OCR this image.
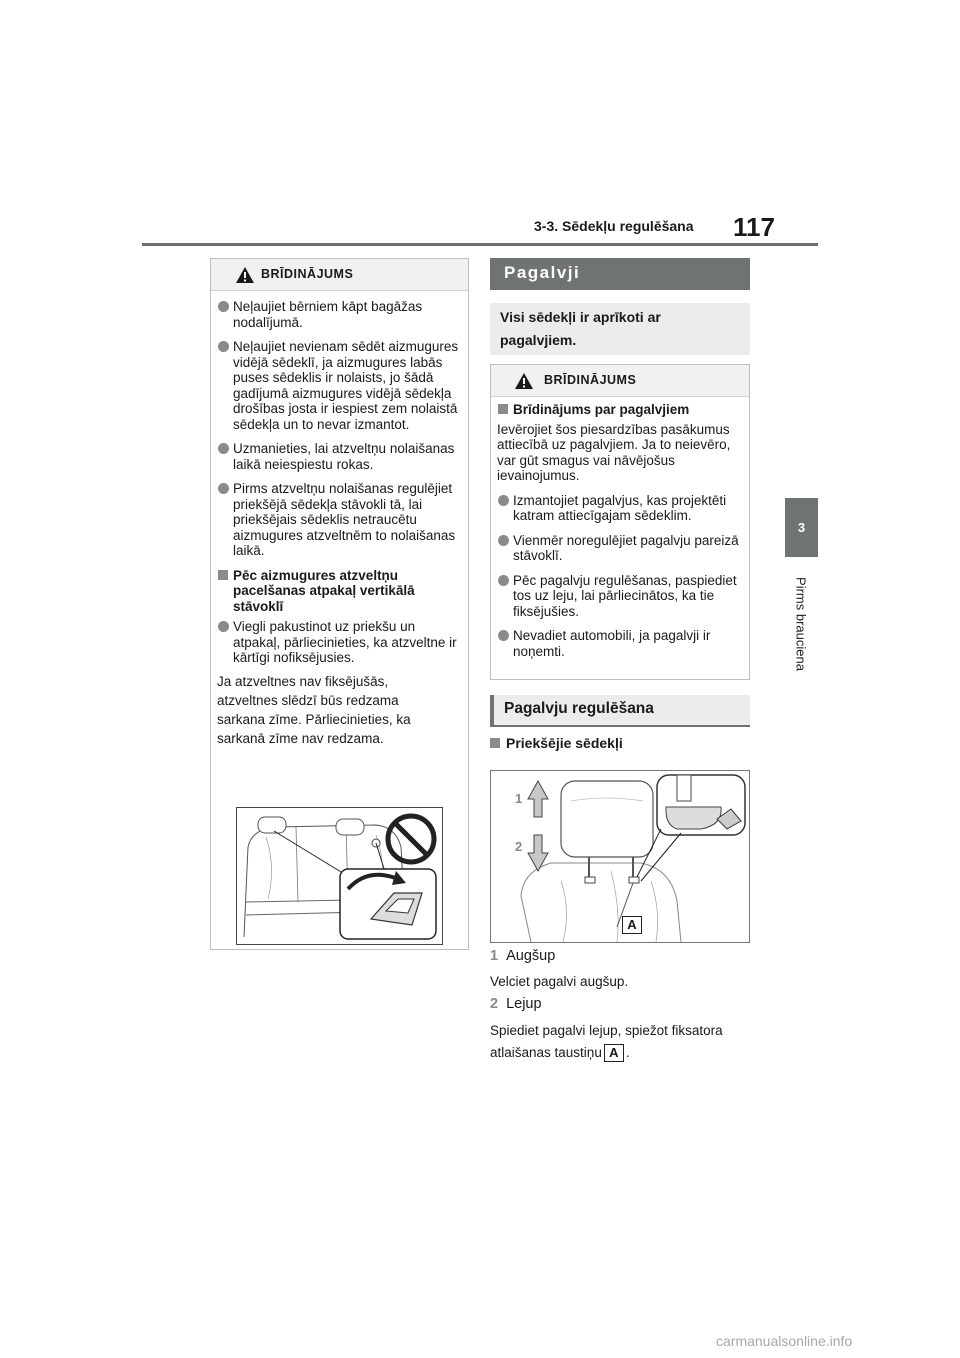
3-3. Sēdekļu regulēšana 117
3
Pirms brauciena
BRĪDINĀJUMS
Neļaujiet bērniem kāpt bagāžas nodalījumā.
Neļaujiet nevienam sēdēt aizmugures vidējā sēdeklī, ja aizmugures labās puses sēdeklis ir nolaists, jo šādā gadījumā aizmugures vidējā sēdekļa drošības josta ir iespiest zem nolaistā sēdekļa un to nevar izmantot.
Uzmanieties, lai atzveltņu nolaišanas laikā neiespiestu rokas.
Pirms atzveltņu nolaišanas regulējiet priekšējā sēdekļa stāvokli tā, lai priekšējais sēdeklis netraucētu aizmugures atzveltnēm to nolaišanas laikā.
Pēc aizmugures atzveltņu pacelšanas atpakaļ vertikālā stāvoklī
Viegli pakustinot uz priekšu un atpakaļ, pārliecinieties, ka atzveltne ir kārtīgi nofiksējusies.
Ja atzveltnes nav fiksējušās,
atzveltnes slēdzī būs redzama
sarkana zīme. Pārliecinieties, ka
sarkanā zīme nav redzama.
Pagalvji
Visi sēdekļi ir aprīkoti ar pagalvjiem.
BRĪDINĀJUMS
Brīdinājums par pagalvjiem
Ievērojiet šos piesardzības pasākumus attiecībā uz pagalvjiem. Ja to neievēro, var gūt smagus vai nāvējošus ievainojumus.
Izmantojiet pagalvjus, kas projektēti katram attiecīgajam sēdeklim.
Vienmēr noregulējiet pagalvju pareizā stāvoklī.
Pēc pagalvju regulēšanas, paspiediet tos uz leju, lai pārliecinātos, ka tie fiksējušies.
Nevadiet automobili, ja pagalvji ir noņemti.
Pagalvju regulēšana
Priekšējie sēdekļi
1
2
A
1 Augšup
Velciet pagalvi augšup.
2 Lejup
Spiediet pagalvi lejup, spiežot fiksatora atlaišanas taustiņu A .
carmanualsonline.info
